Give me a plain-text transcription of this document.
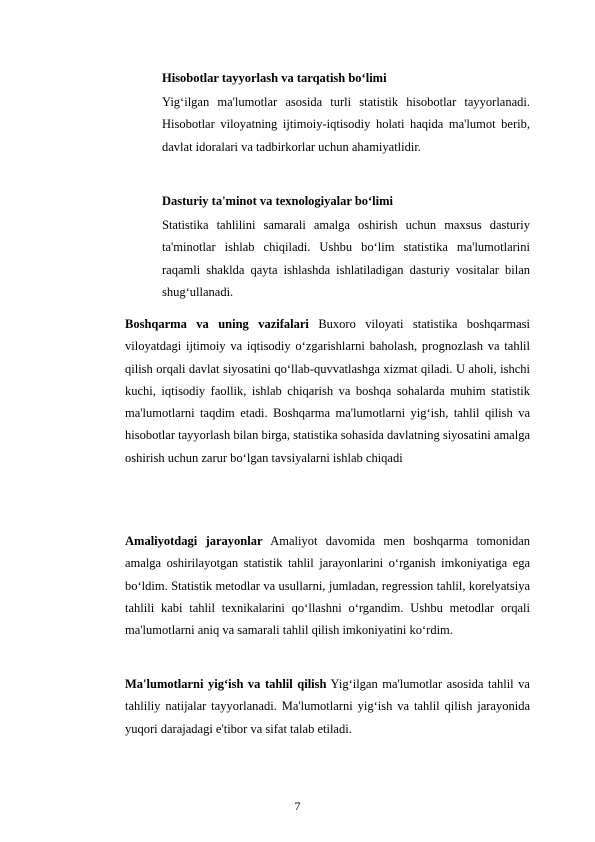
Hisobotlar tayyorlash va tarqatish bo‘limi
Yig‘ilgan ma'lumotlar asosida turli statistik hisobotlar tayyorlanadi. Hisobotlar viloyatning ijtimoiy-iqtisodiy holati haqida ma'lumot berib, davlat idoralari va tadbirkorlar uchun ahamiyatlidir.
Dasturiy ta'minot va texnologiyalar bo‘limi
Statistika tahlilini samarali amalga oshirish uchun maxsus dasturiy ta'minotlar ishlab chiqiladi. Ushbu bo‘lim statistika ma'lumotlarini raqamli shaklda qayta ishlashda ishlatiladigan dasturiy vositalar bilan shug‘ullanadi.
Boshqarma va uning vazifalari Buxoro viloyati statistika boshqarmasi viloyatdagi ijtimoiy va iqtisodiy o‘zgarishlarni baholash, prognozlash va tahlil qilish orqali davlat siyosatini qo‘llab-quvvatlashga xizmat qiladi. U aholi, ishchi kuchi, iqtisodiy faollik, ishlab chiqarish va boshqa sohalarda muhim statistik ma'lumotlarni taqdim etadi. Boshqarma ma'lumotlarni yig‘ish, tahlil qilish va hisobotlar tayyorlash bilan birga, statistika sohasida davlatning siyosatini amalga oshirish uchun zarur bo‘lgan tavsiyalarni ishlab chiqadi
Amaliyotdagi jarayonlar Amaliyot davomida men boshqarma tomonidan amalga oshirilayotgan statistik tahlil jarayonlarini o‘rganish imkoniyatiga ega bo‘ldim. Statistik metodlar va usullarni, jumladan, regression tahlil, korelyatsiya tahlili kabi tahlil texnikalarini qo‘llashni o‘rgandim. Ushbu metodlar orqali ma'lumotlarni aniq va samarali tahlil qilish imkoniyatini ko‘rdim.
Ma'lumotlarni yig‘ish va tahlil qilish Yig‘ilgan ma'lumotlar asosida tahlil va tahliliy natijalar tayyorlanadi. Ma'lumotlarni yig‘ish va tahlil qilish jarayonida yuqori darajadagi e'tibor va sifat talab etiladi.
7
